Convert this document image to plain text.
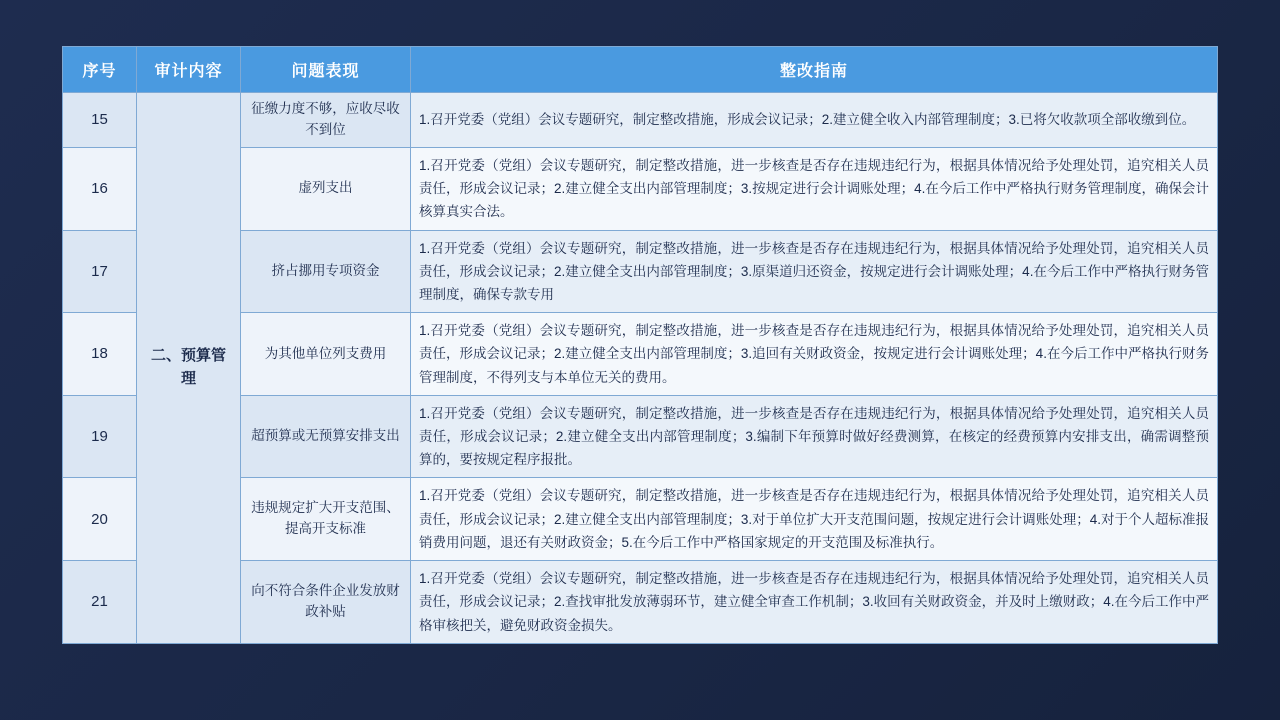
序号	审计内容	问题表现	整改指南
15	二、预算管理	征缴力度不够，应收尽收不到位	1.召开党委（党组）会议专题研究，制定整改措施，形成会议记录；2.建立健全收入内部管理制度；3.已将欠收款项全部收缴到位。
16		虚列支出	1.召开党委（党组）会议专题研究，制定整改措施，进一步核查是否存在违规违纪行为，根据具体情况给予处理处罚，追究相关人员责任，形成会议记录；2.建立健全支出内部管理制度；3.按规定进行会计调账处理；4.在今后工作中严格执行财务管理制度，确保会计核算真实合法。
17		挤占挪用专项资金	1.召开党委（党组）会议专题研究，制定整改措施，进一步核查是否存在违规违纪行为，根据具体情况给予处理处罚，追究相关人员责任，形成会议记录；2.建立健全支出内部管理制度；3.原渠道归还资金，按规定进行会计调账处理；4.在今后工作中严格执行财务管理制度，确保专款专用
18		为其他单位列支费用	1.召开党委（党组）会议专题研究，制定整改措施，进一步核查是否存在违规违纪行为，根据具体情况给予处理处罚，追究相关人员责任，形成会议记录；2.建立健全支出内部管理制度；3.追回有关财政资金，按规定进行会计调账处理；4.在今后工作中严格执行财务管理制度，不得列支与本单位无关的费用。
19		超预算或无预算安排支出	1.召开党委（党组）会议专题研究，制定整改措施，进一步核查是否存在违规违纪行为，根据具体情况给予处理处罚，追究相关人员责任，形成会议记录；2.建立健全支出内部管理制度；3.编制下年预算时做好经费测算，在核定的经费预算内安排支出，确需调整预算的，要按规定程序报批。
20		违规规定扩大开支范围、提高开支标准	1.召开党委（党组）会议专题研究，制定整改措施，进一步核查是否存在违规违纪行为，根据具体情况给予处理处罚，追究相关人员责任，形成会议记录；2.建立健全支出内部管理制度；3.对于单位扩大开支范围问题，按规定进行会计调账处理；4.对于个人超标准报销费用问题，退还有关财政资金；5.在今后工作中严格国家规定的开支范围及标准执行。
21		向不符合条件企业发放财政补贴	1.召开党委（党组）会议专题研究，制定整改措施，进一步核查是否存在违规违纪行为，根据具体情况给予处理处罚，追究相关人员责任，形成会议记录；2.查找审批发放薄弱环节，建立健全审查工作机制；3.收回有关财政资金，并及时上缴财政；4.在今后工作中严格审核把关，避免财政资金损失。
